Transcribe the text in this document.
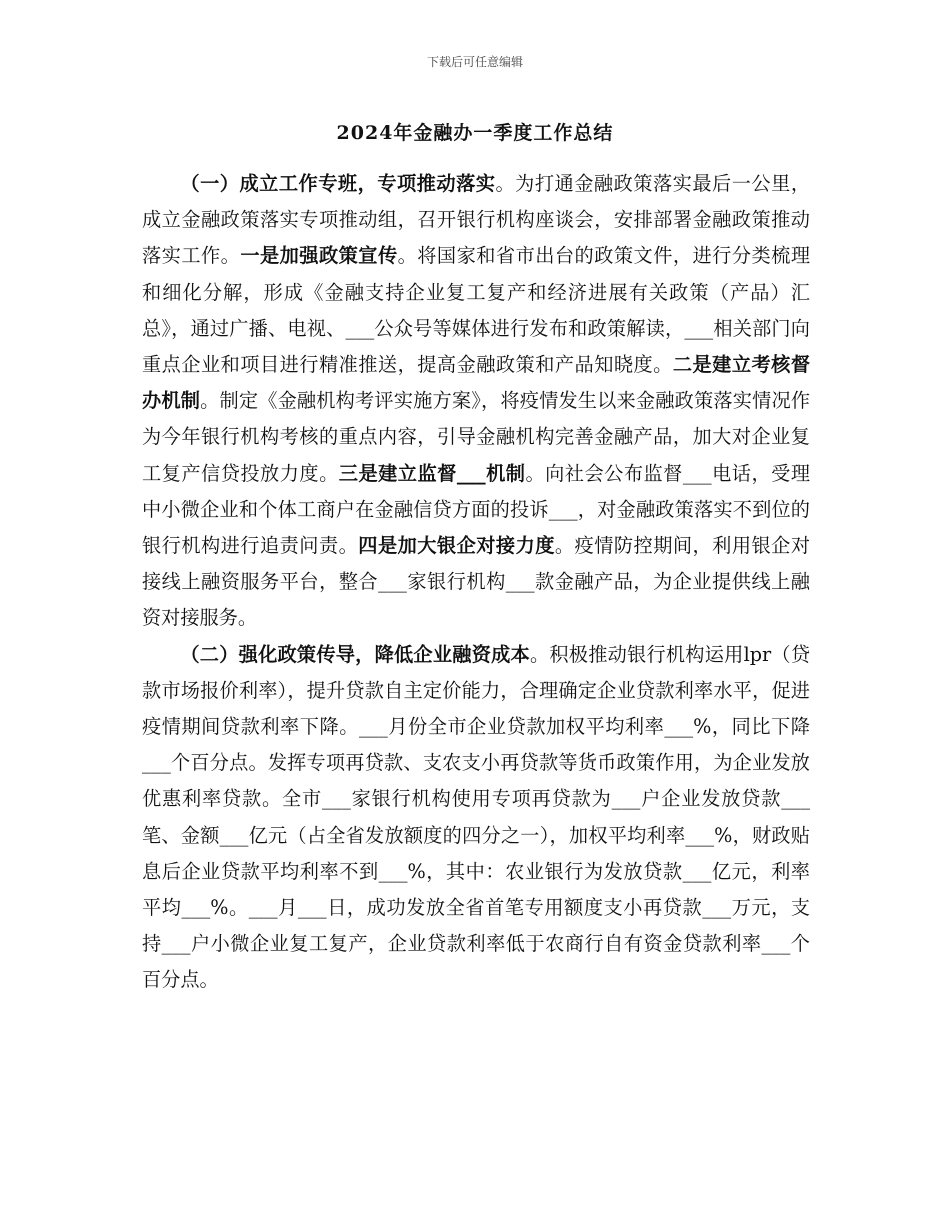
下载后可任意编辑
2024年金融办一季度工作总结

（一）成立工作专班，专项推动落实。为打通金融政策落实最后一公里，成立金融政策落实专项推动组，召开银行机构座谈会，安排部署金融政策推动落实工作。一是加强政策宣传。将国家和省市出台的政策文件，进行分类梳理和细化分解，形成《金融支持企业复工复产和经济进展有关政策（产品）汇总》，通过广播、电视、___公众号等媒体进行发布和政策解读，___相关部门向重点企业和项目进行精准推送，提高金融政策和产品知晓度。二是建立考核督办机制。制定《金融机构考评实施方案》，将疫情发生以来金融政策落实情况作为今年银行机构考核的重点内容，引导金融机构完善金融产品，加大对企业复工复产信贷投放力度。三是建立监督___机制。向社会公布监督___电话，受理中小微企业和个体工商户在金融信贷方面的投诉___，对金融政策落实不到位的银行机构进行追责问责。四是加大银企对接力度。疫情防控期间，利用银企对接线上融资服务平台，整合___家银行机构___款金融产品，为企业提供线上融资对接服务。

（二）强化政策传导，降低企业融资成本。积极推动银行机构运用lpr（贷款市场报价利率），提升贷款自主定价能力，合理确定企业贷款利率水平，促进疫情期间贷款利率下降。___月份全市企业贷款加权平均利率___%，同比下降___个百分点。发挥专项再贷款、支农支小再贷款等货币政策作用，为企业发放优惠利率贷款。全市___家银行机构使用专项再贷款为___户企业发放贷款___笔、金额___亿元（占全省发放额度的四分之一），加权平均利率___%，财政贴息后企业贷款平均利率不到___%，其中：农业银行为发放贷款___亿元，利率平均___%。___月___日，成功发放全省首笔专用额度支小再贷款___万元，支持___户小微企业复工复产，企业贷款利率低于农商行自有资金贷款利率___个百分点。
